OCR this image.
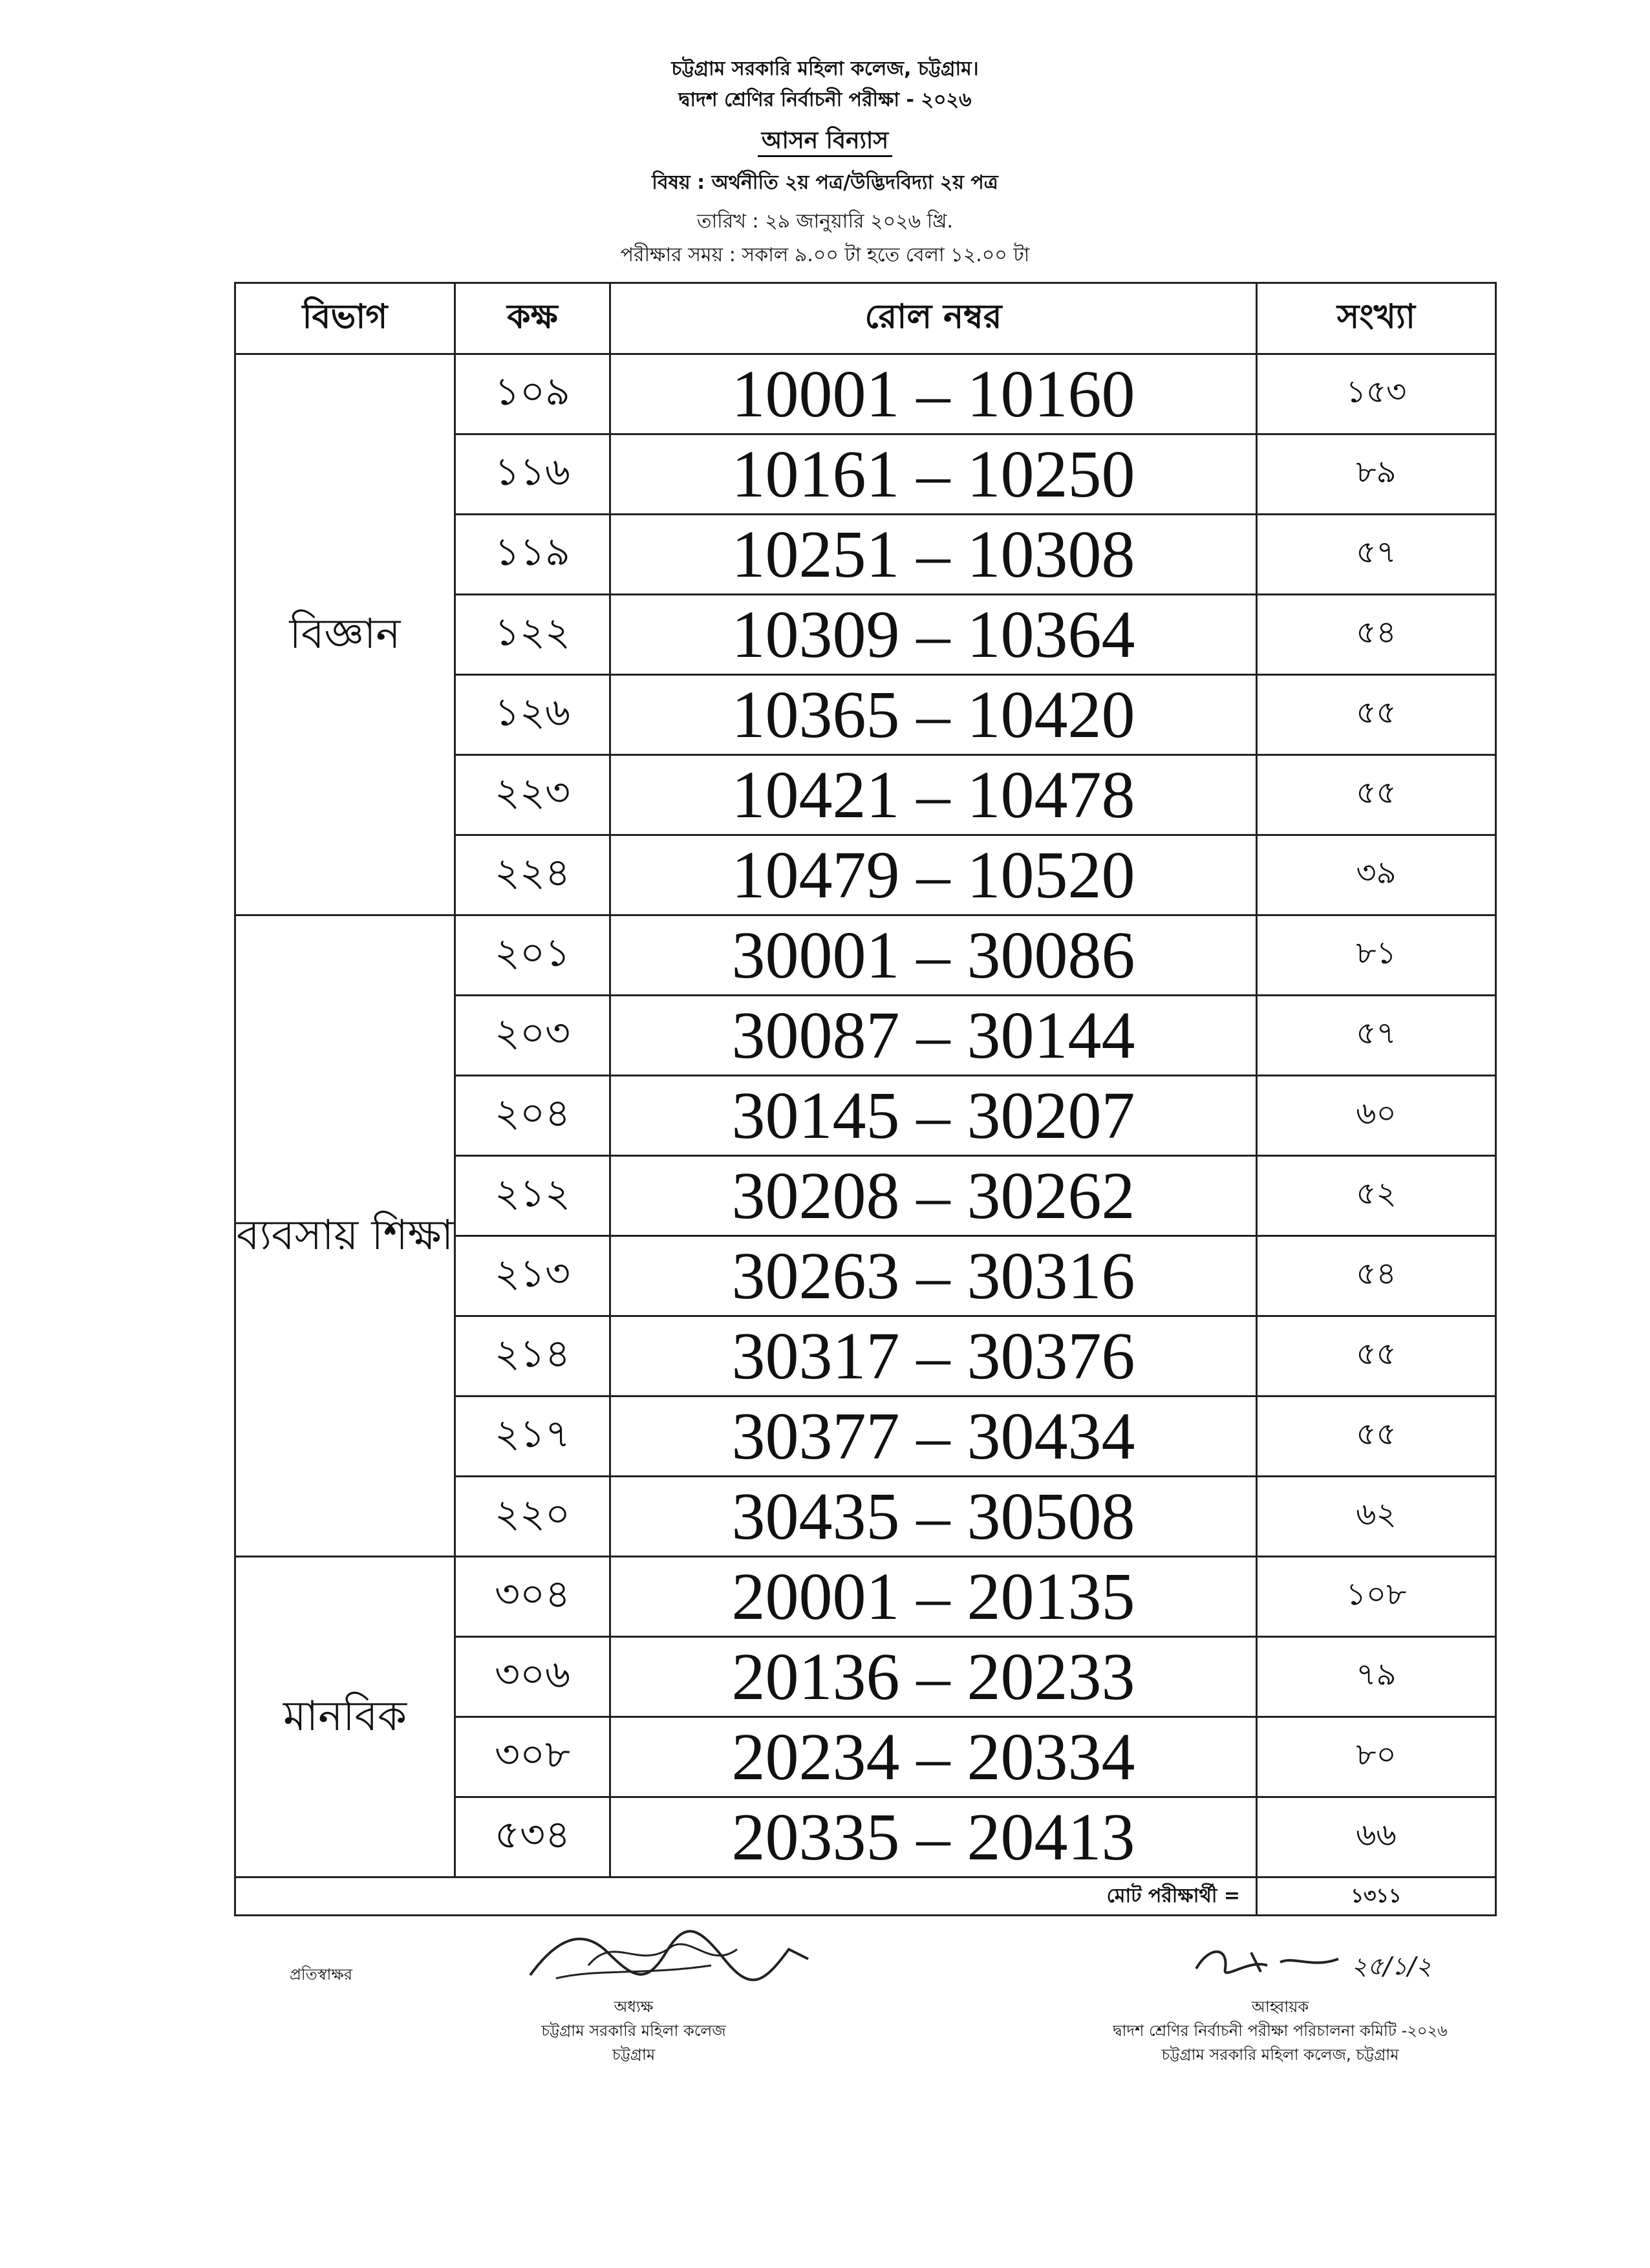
চট্টগ্রাম সরকারি মহিলা কলেজ, চট্টগ্রাম।
দ্বাদশ শ্রেণির নির্বাচনী পরীক্ষা - ২০২৬
আসন বিন্যাস
বিষয় : অর্থনীতি ২য় পত্র/উদ্ভিদবিদ্যা ২য় পত্র
তারিখ : ২৯ জানুয়ারি ২০২৬ খ্রি.
পরীক্ষার সময় : সকাল ৯.০০ টা হতে বেলা ১২.০০ টা
বিভাগ	কক্ষ	রোল নম্বর	সংখ্যা
বিজ্ঞান	১০৯	10001 – 10160	১৫৩
	১১৬	10161 – 10250	৮৯
	১১৯	10251 – 10308	৫৭
	১২২	10309 – 10364	৫৪
	১২৬	10365 – 10420	৫৫
	২২৩	10421 – 10478	৫৫
	২২৪	10479 – 10520	৩৯
ব্যবসায় শিক্ষা	২০১	30001 – 30086	৮১
	২০৩	30087 – 30144	৫৭
	২০৪	30145 – 30207	৬০
	২১২	30208 – 30262	৫২
	২১৩	30263 – 30316	৫৪
	২১৪	30317 – 30376	৫৫
	২১৭	30377 – 30434	৫৫
	২২০	30435 – 30508	৬২
মানবিক	৩০৪	20001 – 20135	১০৮
	৩০৬	20136 – 20233	৭৯
	৩০৮	20234 – 20334	৮০
	৫৩৪	20335 – 20413	৬৬
মোট পরীক্ষার্থী =			১৩১১
প্রতিস্বাক্ষর	২৫/১/২
অধ্যক্ষ
চট্টগ্রাম সরকারি মহিলা কলেজ
চট্টগ্রাম
আহ্বায়ক
দ্বাদশ শ্রেণির নির্বাচনী পরীক্ষা পরিচালনা কমিটি -২০২৬
চট্টগ্রাম সরকারি মহিলা কলেজ, চট্টগ্রাম
